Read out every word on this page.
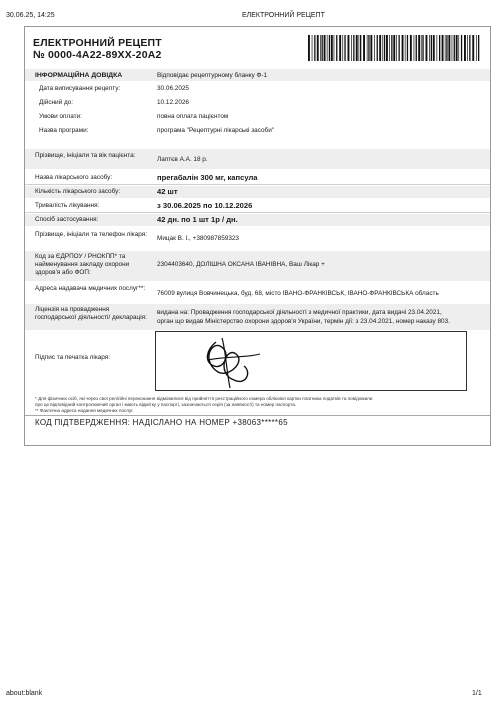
30.06.25, 14:25	ЕЛЕКТРОННИЙ РЕЦЕПТ
ЕЛЕКТРОННИЙ РЕЦЕПТ
№ 0000-4A22-89XX-20A2
ІНФОРМАЦІЙНА ДОВІДКА	Відповідає рецептурному бланку Ф-1
Дата виписування рецепту:	30.06.2025
Дійсний до:	10.12.2026
Умови оплати:	повна оплата пацієнтом
Назва програми:	програма "Рецептурні лікарські засоби"
Прізвище, ініціали та вік пацієнта:
Лаптєв А.А. 18 р.
Назва лікарського засобу:	прегабалін 300 мг, капсула
Кількість лікарського засобу:	42 шт
Тривалість лікування:	з 30.06.2025 по 10.12.2026
Спосіб застосування:	42 дн. по 1 шт 1р / дн.
Прізвище, ініціали та телефон лікаря:
Мицак В. І., +380987859323
Код за ЄДРПОУ / РНОКПП* та найменування закладу охорони здоров'я або ФОП:
2304403640, ДОЛІШНА ОКСАНА ІВАНІВНА, Ваш Лікар +
Адреса надавача медичних послуг**:
76009 вулиця Вовчинецька, буд. 68, місто ІВАНО-ФРАНКІВСЬК, ІВАНО-ФРАНКІВСЬКА область
Ліцензія на провадження господарської діяльності/ декларація:
видана на: Провадження господарської діяльності з медичної практики, дата видачі 23.04.2021,
орган що видав Міністерство охорони здоров'я України, термін дії: з 23.04.2021, номер наказу 803.
Підпис та печатка лікаря:
* Для фізичних осіб, які через свої релігійні переконання відмовилися від прийняття реєстраційного номера облікової картки платника податків та повідомили
про це відповідний контролюючий орган і мають відмітку у паспорті, зазначаються серія (за наявності) та номер паспорта.
** Фактична адреса надання медичних послуг.
КОД ПІДТВЕРДЖЕННЯ: НАДІСЛАНО НА НОМЕР +38063*****65
about:blank	1/1
